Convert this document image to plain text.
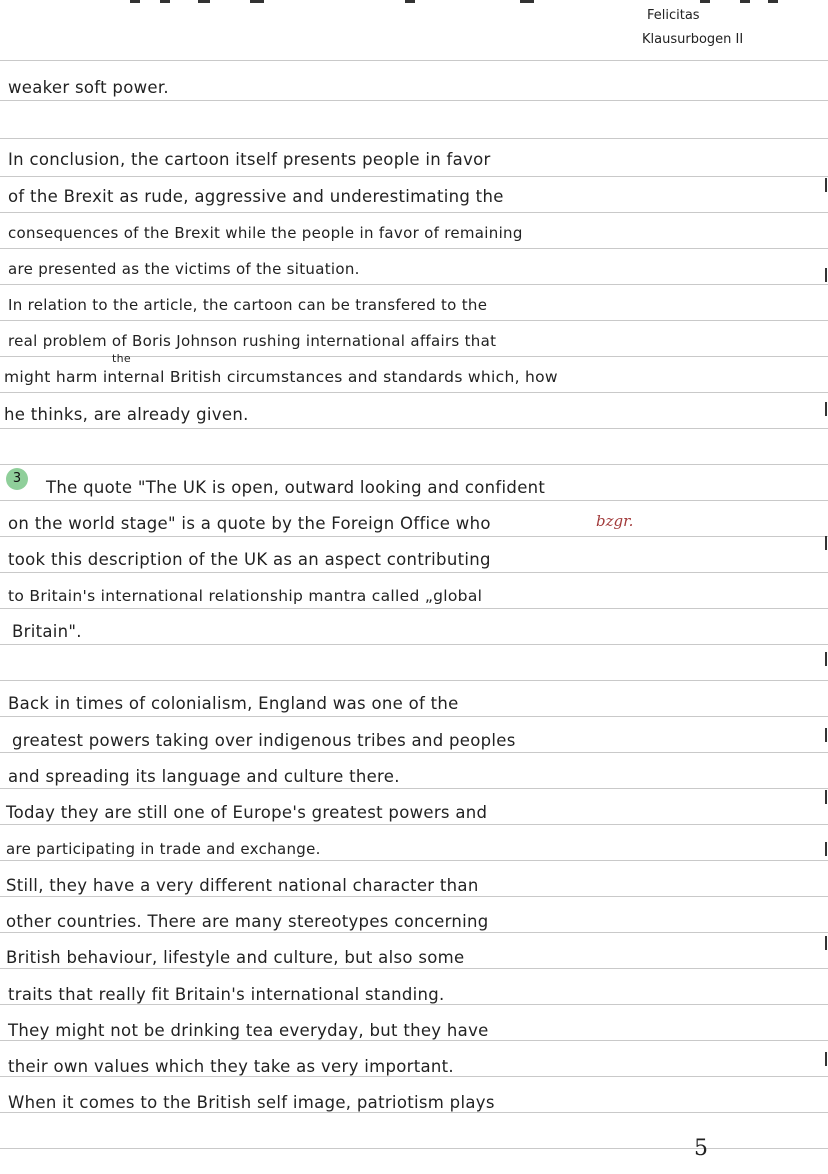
Felicitas
Klausurbogen II
weaker soft power.
In conclusion, the cartoon itself presents people in favor
of the Brexit as rude, aggressive and underestimating the
consequences of the Brexit while the people in favor of remaining
are presented as the victims of the situation.
In relation to the article, the cartoon can be transfered to the
real problem of Boris Johnson rushing international affairs that
the
might harm internal British circumstances and standards which, how
he thinks, are already given.
3	The quote "The UK is open, outward looking and confident
on the world stage" is a quote by the Foreign Office who	bzgr.
took this description of the UK as an aspect contributing
to Britain's international relationship mantra called „global
Britain".
Back in times of colonialism, England was one of the
greatest powers taking over indigenous tribes and peoples
and spreading its language and culture there.
Today they are still one of Europe's greatest powers and
are participating in trade and exchange.
Still, they have a very different national character than
other countries. There are many stereotypes concerning
British behaviour, lifestyle and culture, but also some
traits that really fit Britain's international standing.
They might not be drinking tea everyday, but they have
their own values which they take as very important.
When it comes to the British self image, patriotism plays
5
